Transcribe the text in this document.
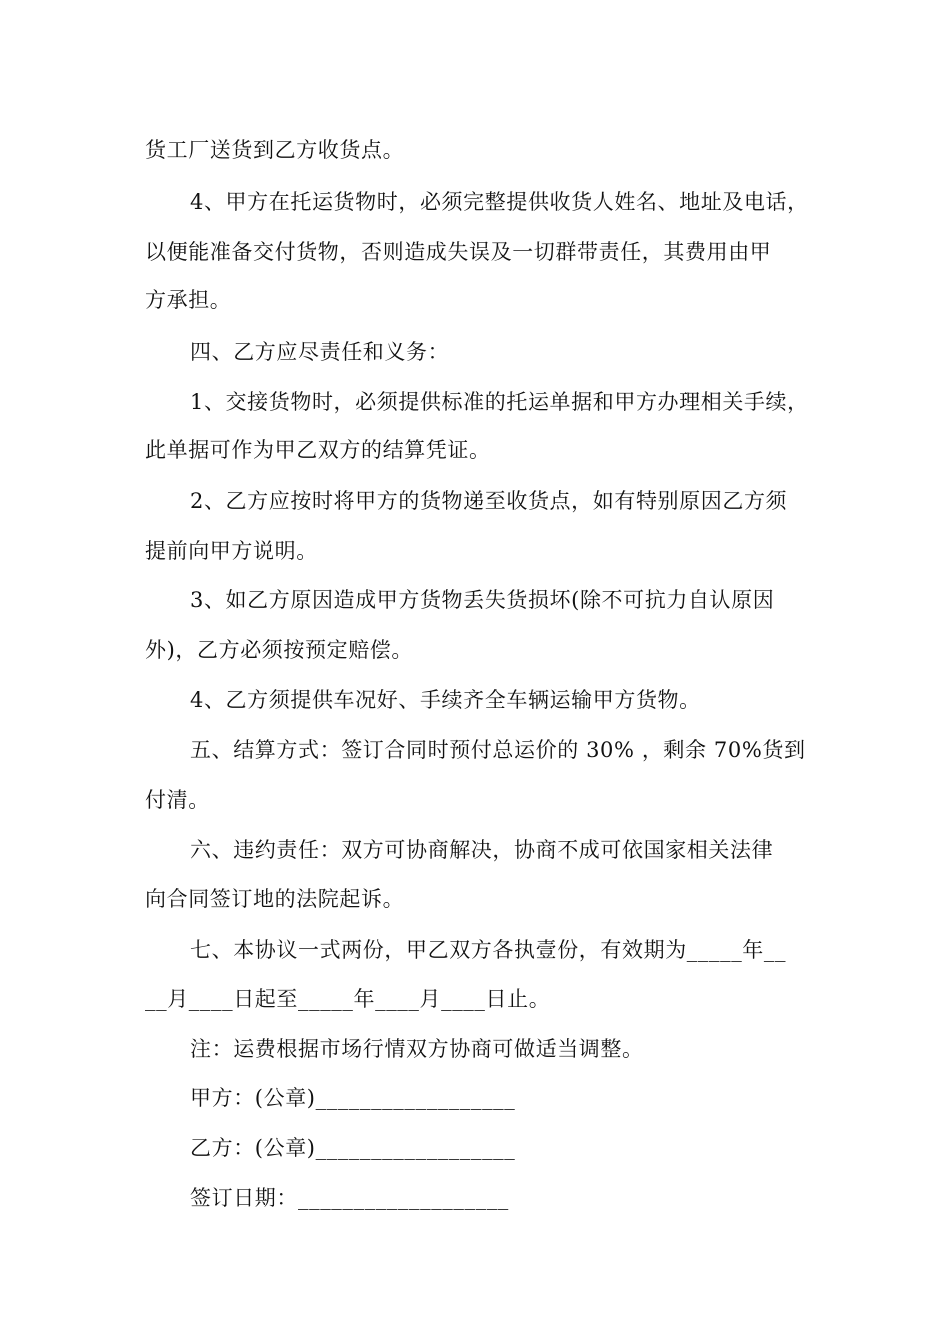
货工厂送货到乙方收货点。
4、甲方在托运货物时，必须完整提供收货人姓名、地址及电话，
以便能准备交付货物，否则造成失误及一切群带责任，其费用由甲
方承担。
四、乙方应尽责任和义务：
1、交接货物时，必须提供标准的托运单据和甲方办理相关手续，
此单据可作为甲乙双方的结算凭证。
2、乙方应按时将甲方的货物递至收货点，如有特别原因乙方须
提前向甲方说明。
3、如乙方原因造成甲方货物丢失货损坏(除不可抗力自认原因
外)，乙方必须按预定赔偿。
4、乙方须提供车况好、手续齐全车辆运输甲方货物。
五、结算方式：签订合同时预付总运价的 30% ，剩余 70%货到
付清。
六、违约责任：双方可协商解决，协商不成可依国家相关法律
向合同签订地的法院起诉。
七、本协议一式两份，甲乙双方各执壹份，有效期为_____年__
__月____日起至_____年____月____日止。
注：运费根据市场行情双方协商可做适当调整。
甲方：(公章)__________________
乙方：(公章)__________________
签订日期：___________________
